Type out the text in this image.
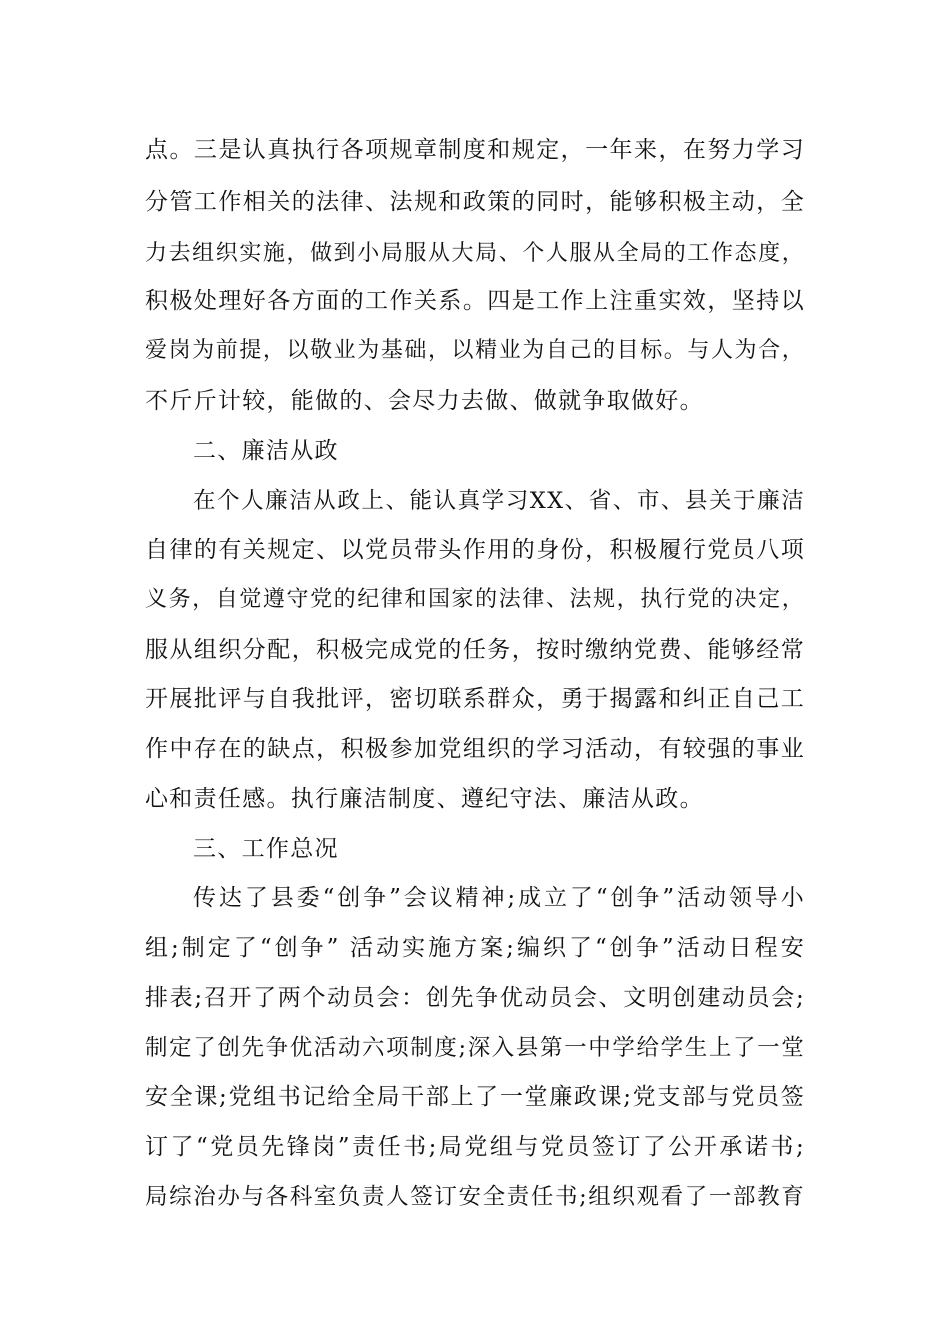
点。三是认真执行各项规章制度和规定，一年来，在努力学习
分管工作相关的法律、法规和政策的同时，能够积极主动，全
力去组织实施，做到小局服从大局、个人服从全局的工作态度，
积极处理好各方面的工作关系。四是工作上注重实效，坚持以
爱岗为前提，以敬业为基础，以精业为自己的目标。与人为合，
不斤斤计较，能做的、会尽力去做、做就争取做好。
二、廉洁从政
在个人廉洁从政上、能认真学习XX、省、市、县关于廉洁
自律的有关规定、以党员带头作用的身份，积极履行党员八项
义务，自觉遵守党的纪律和国家的法律、法规，执行党的决定，
服从组织分配，积极完成党的任务，按时缴纳党费、能够经常
开展批评与自我批评，密切联系群众，勇于揭露和纠正自己工
作中存在的缺点，积极参加党组织的学习活动，有较强的事业
心和责任感。执行廉洁制度、遵纪守法、廉洁从政。
三、工作总况
传达了县委“创争”会议精神;成立了“创争”活动领导小
组;制定了“创争” 活动实施方案;编织了“创争”活动日程安
排表;召开了两个动员会：创先争优动员会、文明创建动员会;
制定了创先争优活动六项制度;深入县第一中学给学生上了一堂
安全课;党组书记给全局干部上了一堂廉政课;党支部与党员签
订了“党员先锋岗”责任书;局党组与党员签订了公开承诺书;
局综治办与各科室负责人签订安全责任书;组织观看了一部教育
